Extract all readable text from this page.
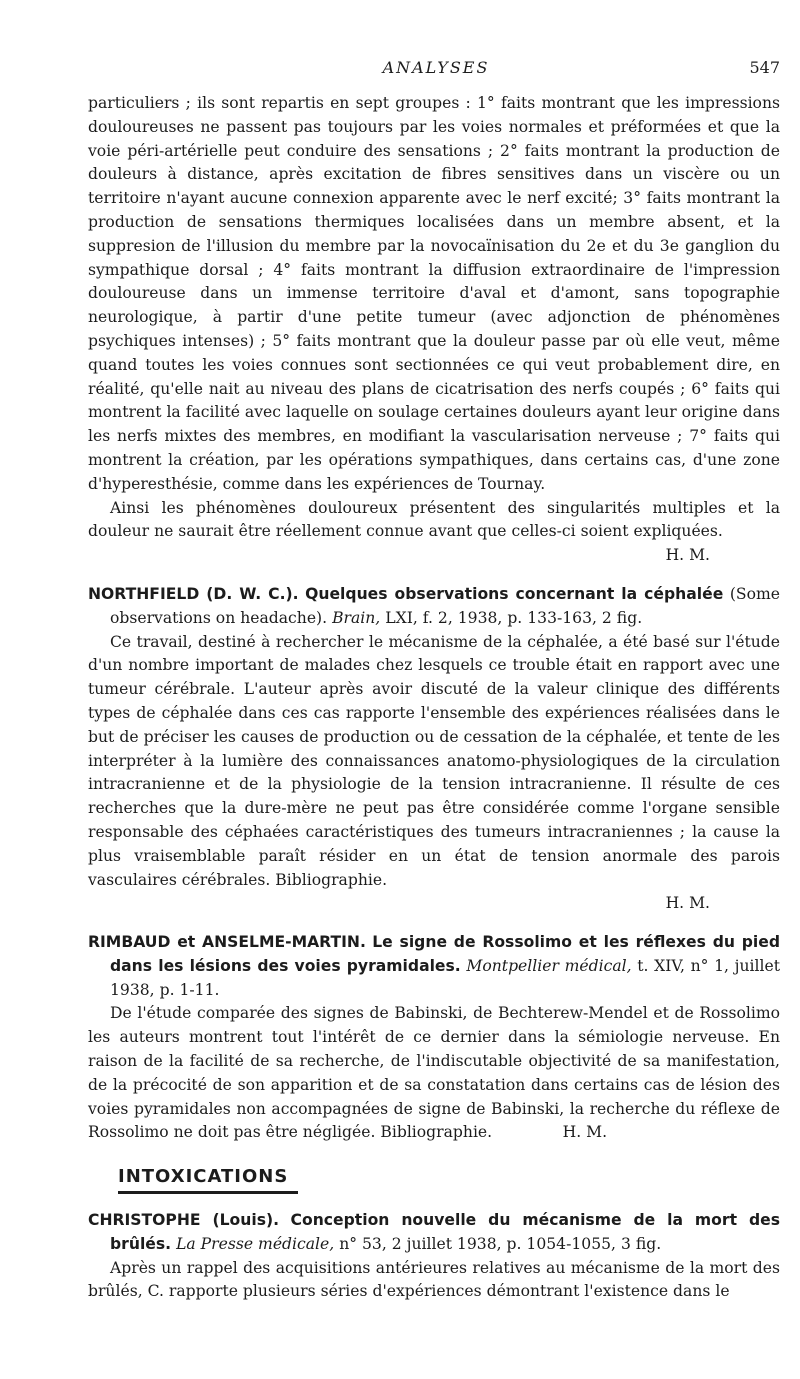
ANALYSES	547

particuliers ; ils sont repartis en sept groupes : 1° faits montrant que les impressions douloureuses ne passent pas toujours par les voies normales et préformées et que la voie péri-artérielle peut conduire des sensations ; 2° faits montrant la production de douleurs à distance, après excitation de fibres sensitives dans un viscère ou un territoire n'ayant aucune connexion apparente avec le nerf excité; 3° faits montrant la production de sensations thermiques localisées dans un membre absent, et la suppresion de l'illusion du membre par la novocaïnisation du 2e et du 3e ganglion du sympathique dorsal ; 4° faits montrant la diffusion extraordinaire de l'impression douloureuse dans un immense territoire d'aval et d'amont, sans topographie neurologique, à partir d'une petite tumeur (avec adjonction de phénomènes psychiques intenses) ; 5° faits montrant que la douleur passe par où elle veut, même quand toutes les voies connues sont sectionnées ce qui veut probablement dire, en réalité, qu'elle nait au niveau des plans de cicatrisation des nerfs coupés ; 6° faits qui montrent la facilité avec laquelle on soulage certaines douleurs ayant leur origine dans les nerfs mixtes des membres, en modifiant la vascularisation nerveuse ; 7° faits qui montrent la création, par les opérations sympathiques, dans certains cas, d'une zone d'hyperesthésie, comme dans les expériences de Tournay.

Ainsi les phénomènes douloureux présentent des singularités multiples et la douleur ne saurait être réellement connue avant que celles-ci soient expliquées.

H. M.

NORTHFIELD (D. W. C.). Quelques observations concernant la céphalée (Some observations on headache). Brain, LXI, f. 2, 1938, p. 133-163, 2 fig.

Ce travail, destiné à rechercher le mécanisme de la céphalée, a été basé sur l'étude d'un nombre important de malades chez lesquels ce trouble était en rapport avec une tumeur cérébrale. L'auteur après avoir discuté de la valeur clinique des différents types de céphalée dans ces cas rapporte l'ensemble des expériences réalisées dans le but de préciser les causes de production ou de cessation de la céphalée, et tente de les interpréter à la lumière des connaissances anatomo-physiologiques de la circulation intracranienne et de la physiologie de la tension intracranienne. Il résulte de ces recherches que la dure-mère ne peut pas être considérée comme l'organe sensible responsable des céphaées caractéristiques des tumeurs intracraniennes ; la cause la plus vraisemblable paraît résider en un état de tension anormale des parois vasculaires cérébrales. Bibliographie.

H. M.

RIMBAUD et ANSELME-MARTIN. Le signe de Rossolimo et les réflexes du pied dans les lésions des voies pyramidales. Montpellier médical, t. XIV, n° 1, juillet 1938, p. 1-11.

De l'étude comparée des signes de Babinski, de Bechterew-Mendel et de Rossolimo les auteurs montrent tout l'intérêt de ce dernier dans la sémiologie nerveuse. En raison de la facilité de sa recherche, de l'indiscutable objectivité de sa manifestation, de la précocité de son apparition et de sa constatation dans certains cas de lésion des voies pyramidales non accompagnées de signe de Babinski, la recherche du réflexe de Rossolimo ne doit pas être négligée. Bibliographie.	H. M.

INTOXICATIONS

CHRISTOPHE (Louis). Conception nouvelle du mécanisme de la mort des brûlés. La Presse médicale, n° 53, 2 juillet 1938, p. 1054-1055, 3 fig.

Après un rappel des acquisitions antérieures relatives au mécanisme de la mort des brûlés, C. rapporte plusieurs séries d'expériences démontrant l'existence dans le
